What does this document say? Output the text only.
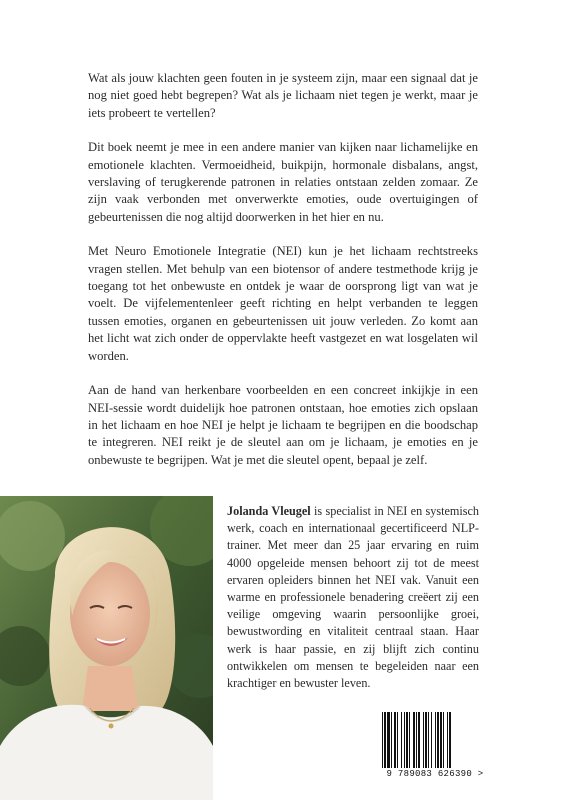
Wat als jouw klachten geen fouten in je systeem zijn, maar een signaal dat je nog niet goed hebt begrepen? Wat als je lichaam niet tegen je werkt, maar je iets probeert te vertellen?

Dit boek neemt je mee in een andere manier van kijken naar lichamelijke en emotionele klachten. Vermoeidheid, buikpijn, hormonale disbalans, angst, verslaving of terugkerende patronen in relaties ontstaan zelden zomaar. Ze zijn vaak verbonden met onverwerkte emoties, oude overtuigingen of gebeurtenissen die nog altijd doorwerken in het hier en nu.

Met Neuro Emotionele Integratie (NEI) kun je het lichaam rechtstreeks vragen stellen. Met behulp van een biotensor of andere testmethode krijg je toegang tot het onbewuste en ontdek je waar de oorsprong ligt van wat je voelt. De vijfelementenleer geeft richting en helpt verbanden te leggen tussen emoties, organen en gebeurtenissen uit jouw verleden. Zo komt aan het licht wat zich onder de oppervlakte heeft vastgezet en wat losgelaten wil worden.

Aan de hand van herkenbare voorbeelden en een concreet inkijkje in een NEI-sessie wordt duidelijk hoe patronen ontstaan, hoe emoties zich opslaan in het lichaam en hoe NEI je helpt je lichaam te begrijpen en die boodschap te integreren. NEI reikt je de sleutel aan om je lichaam, je emoties en je onbewuste te begrijpen. Wat je met die sleutel opent, bepaal je zelf.

Jolanda Vleugel is specialist in NEI en systemisch werk, coach en internationaal gecertificeerd NLP-trainer. Met meer dan 25 jaar ervaring en ruim 4000 opgeleide mensen behoort zij tot de meest ervaren opleiders binnen het NEI vak. Vanuit een warme en professionele benadering creëert zij een veilige omgeving waarin persoonlijke groei, bewustwording en vitaliteit centraal staan. Haar werk is haar passie, en zij blijft zich continu ontwikkelen om mensen te begeleiden naar een krachtiger en bewuster leven.

9 789083 626390 >
